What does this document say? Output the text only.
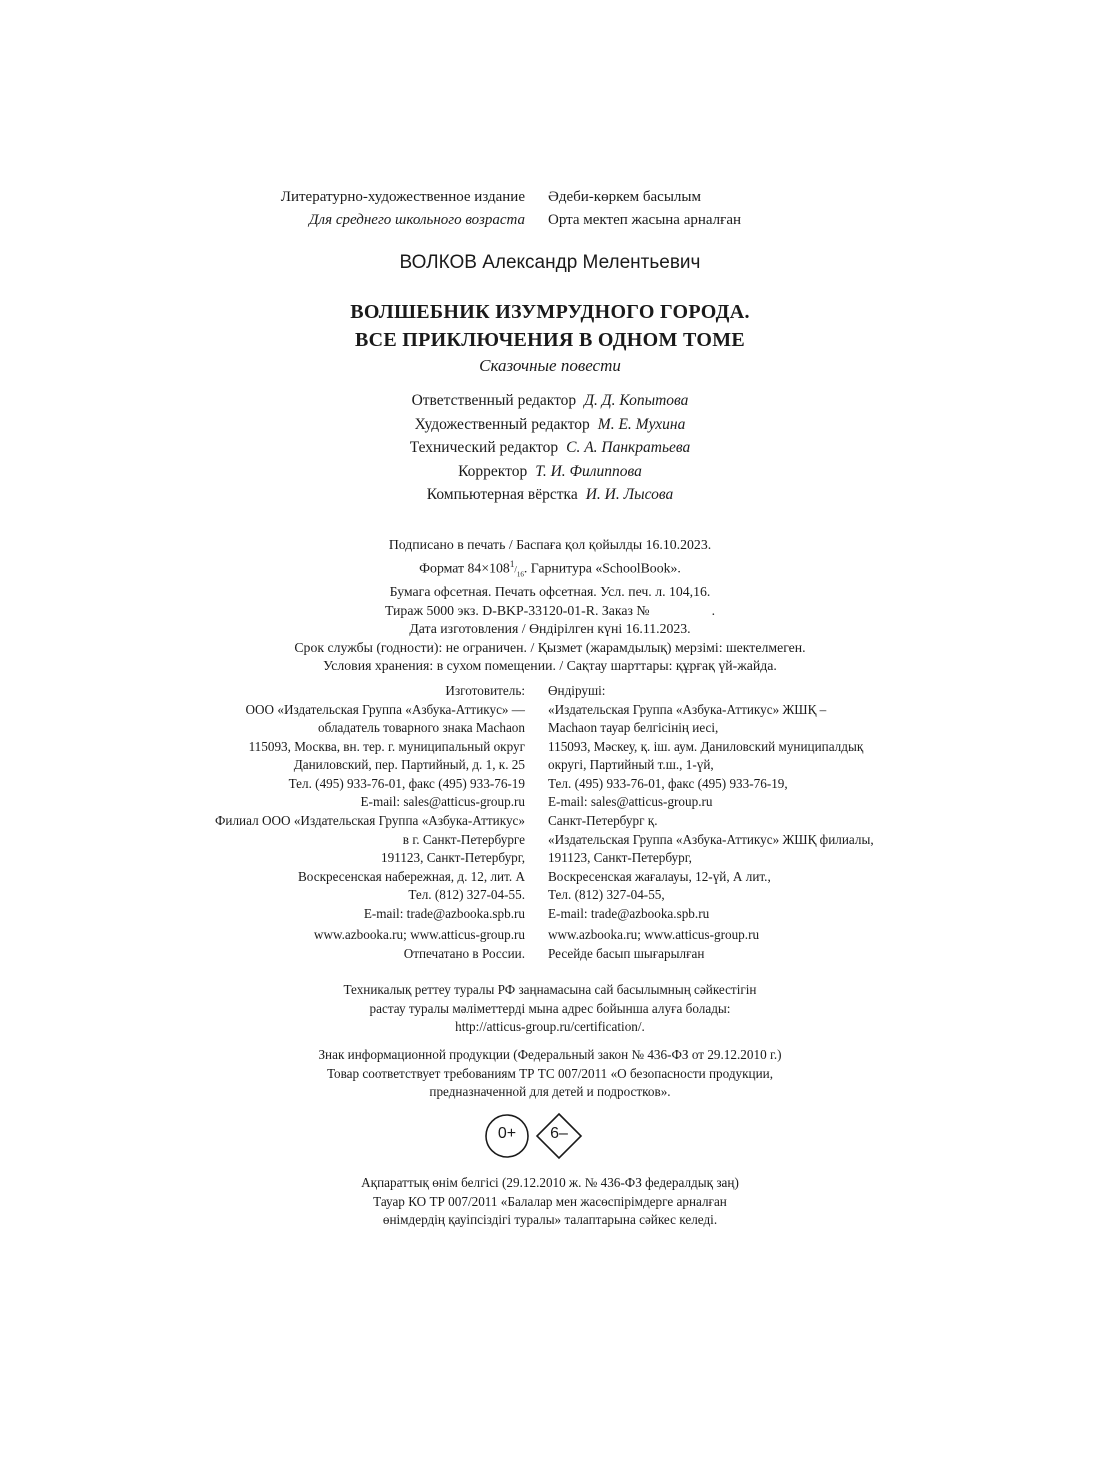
Литературно-художественное издание
Для среднего школьного возраста
Әдеби-көркем басылым
Орта мектеп жасына арналған
ВОЛКОВ Александр Мелентьевич
ВОЛШЕБНИК ИЗУМРУДНОГО ГОРОДА.
ВСЕ ПРИКЛЮЧЕНИЯ В ОДНОМ ТОМЕ
Сказочные повести
Ответственный редактор Д. Д. Копытова
Художественный редактор М. Е. Мухина
Технический редактор С. А. Панкратьева
Корректор Т. И. Филиппова
Компьютерная вёрстка И. И. Лысова
Подписано в печать / Баспаға қол қойылды 16.10.2023.
Формат $84\times 108^1/_{16}$. Гарнитура «SchoolBook».
Бумага офсетная. Печать офсетная. Усл. печ. л. 104,16.
Тираж 5000 экз. D-BKP-33120-01-R. Заказ №	.
Дата изготовления / Өндірілген күні 16.11.2023.
Срок службы (годности): не ограничен. / Қызмет (жарамдылық) мерзімі: шектелмеген.
Условия хранения: в сухом помещении. / Сақтау шарттары: құрғақ үй-жайда.
Изготовитель:
ООО «Издательская Группа «Азбука-Аттикус» —
обладатель товарного знака Machaon
115093, Москва, вн. тер. г. муниципальный округ
Даниловский, пер. Партийный, д. 1, к. 25
Тел. (495) 933-76-01, факс (495) 933-76-19
E-mail: sales@atticus-group.ru
Өндіруші:
«Издательская Группа «Азбука-Аттикус» ЖШҚ –
Machaon тауар белгісінің иесі,
115093, Мәскеу, қ. іш. аум. Даниловский муниципалдық
округі, Партийный т.ш., 1-үй,
Тел. (495) 933-76-01, факс (495) 933-76-19,
E-mail: sales@atticus-group.ru
Филиал ООО «Издательская Группа «Азбука-Аттикус»
в г. Санкт-Петербурге
191123, Санкт-Петербург,
Воскресенская набережная, д. 12, лит. А
Тел. (812) 327-04-55.
E-mail: trade@azbooka.spb.ru
Санкт-Петербург қ.
«Издательская Группа «Азбука-Аттикус» ЖШҚ филиалы,
191123, Санкт-Петербург,
Воскресенская жағалауы, 12-үй, А лит.,
Тел. (812) 327-04-55,
E-mail: trade@azbooka.spb.ru
www.azbooka.ru; www.atticus-group.ru
Отпечатано в России.
www.azbooka.ru; www.atticus-group.ru
Ресейде басып шығарылған
Техникалық реттеу туралы РФ заңнамасына сай басылымның сәйкестігін
растау туралы мәліметтерді мына адрес бойынша алуға болады:
http://atticus-group.ru/certification/.
Знак информационной продукции (Федеральный закон № 436-ФЗ от 29.12.2010 г.)
Товар соответствует требованиям ТР ТС 007/2011 «О безопасности продукции,
предназначенной для детей и подростков».
0+	6–
Ақпараттық өнім белгісі (29.12.2010 ж. № 436-ФЗ федералдық заң)
Тауар КО ТР 007/2011 «Балалар мен жасөспірімдерге арналған
өнімдердің қауіпсіздігі туралы» талаптарына сәйкес келеді.
